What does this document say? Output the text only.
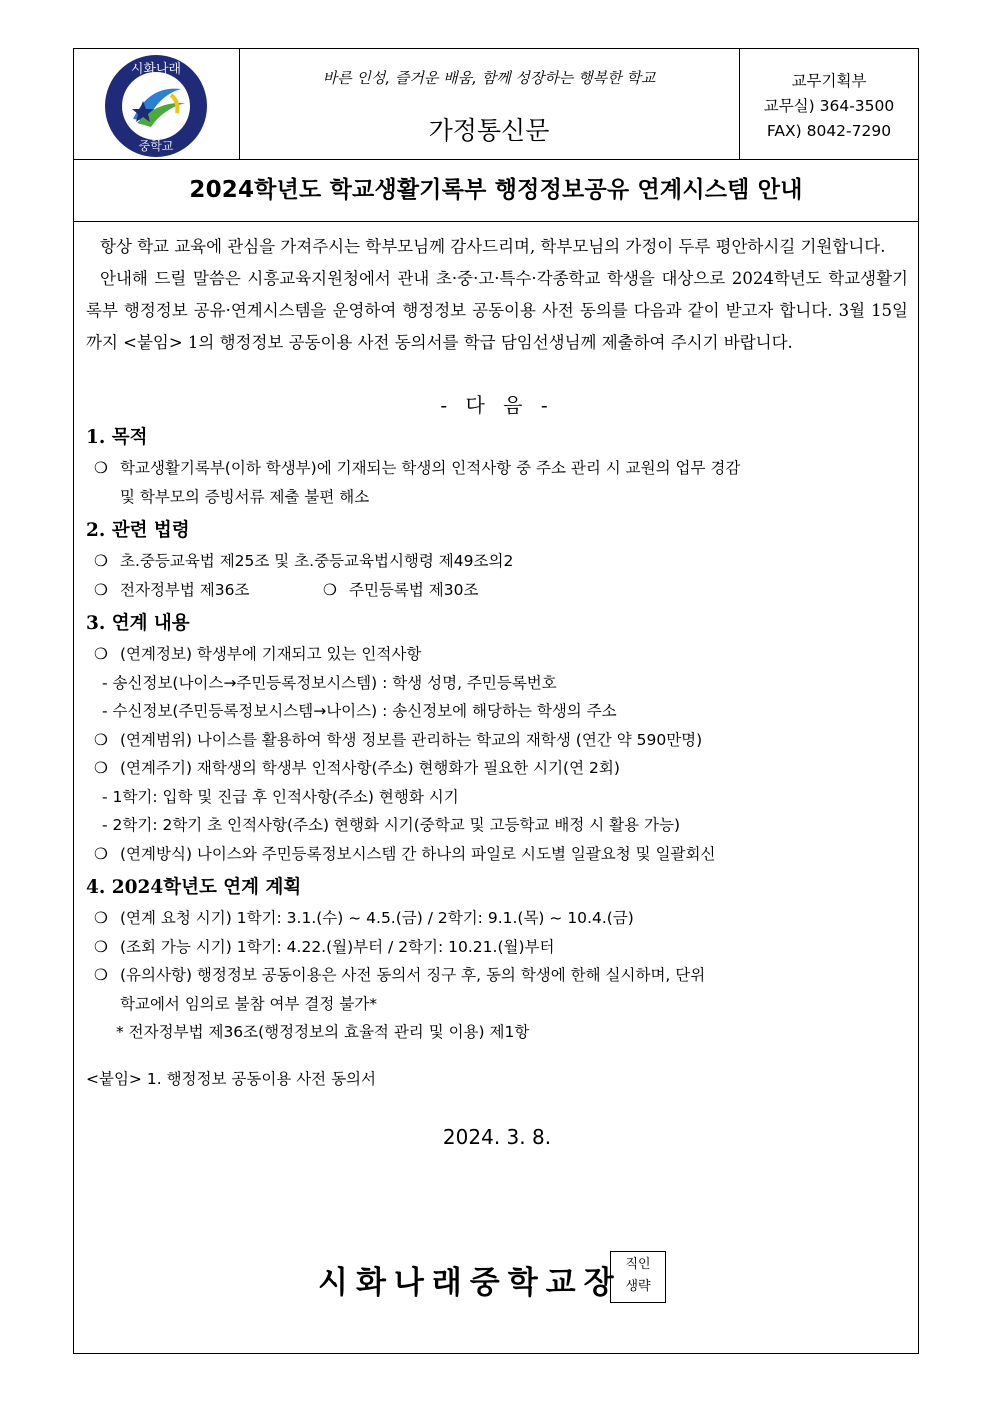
시화나래
중학교
바른 인성, 즐거운 배움, 함께 성장하는 행복한 학교
가정통신문
교무기획부
교무실) 364-3500
FAX) 8042-7290
2024학년도 학교생활기록부 행정정보공유 연계시스템 안내

항상 학교 교육에 관심을 가져주시는 학부모님께 감사드리며, 학부모님의 가정이 두루 평안하시길 기원합니다.

안내해 드릴 말씀은 시흥교육지원청에서 관내 초·중·고·특수·각종학교 학생을 대상으로 2024학년도 학교생활기록부 행정정보 공유·연계시스템을 운영하여 행정정보 공동이용 사전 동의를 다음과 같이 받고자 합니다. 3월 15일까지 <붙임> 1의 행정정보 공동이용 사전 동의서를 학급 담임선생님께 제출하여 주시기 바랍니다.

- 다 음 -
1. 목적
❍ 학교생활기록부(이하 학생부)에 기재되는 학생의 인적사항 중 주소 관리 시 교원의 업무 경감
및 학부모의 증빙서류 제출 불편 해소
2. 관련 법령
❍ 초.중등교육법 제25조 및 초.중등교육법시행령 제49조의2
❍ 전자정부법 제36조	❍ 주민등록법 제30조
3. 연계 내용
❍ (연계정보) 학생부에 기재되고 있는 인적사항
- 송신정보(나이스→주민등록정보시스템) : 학생 성명, 주민등록번호
- 수신정보(주민등록정보시스템→나이스) : 송신정보에 해당하는 학생의 주소
❍ (연계범위) 나이스를 활용하여 학생 정보를 관리하는 학교의 재학생 (연간 약 590만명)
❍ (연계주기) 재학생의 학생부 인적사항(주소) 현행화가 필요한 시기(연 2회)
- 1학기: 입학 및 진급 후 인적사항(주소) 현행화 시기
- 2학기: 2학기 초 인적사항(주소) 현행화 시기(중학교 및 고등학교 배정 시 활용 가능)
❍ (연계방식) 나이스와 주민등록정보시스템 간 하나의 파일로 시도별 일괄요청 및 일괄회신
4. 2024학년도 연계 계획
❍ (연계 요청 시기) 1학기: 3.1.(수) ~ 4.5.(금) / 2학기: 9.1.(목) ~ 10.4.(금)
❍ (조회 가능 시기) 1학기: 4.22.(월)부터 / 2학기: 10.21.(월)부터
❍ (유의사항) 행정정보 공동이용은 사전 동의서 징구 후, 동의 학생에 한해 실시하며, 단위
학교에서 임의로 불참 여부 결정 불가*
* 전자정부법 제36조(행정정보의 효율적 관리 및 이용) 제1항
<붙임> 1. 행정정보 공동이용 사전 동의서
2024. 3. 8.
시화나래중학교장
직인
생략
